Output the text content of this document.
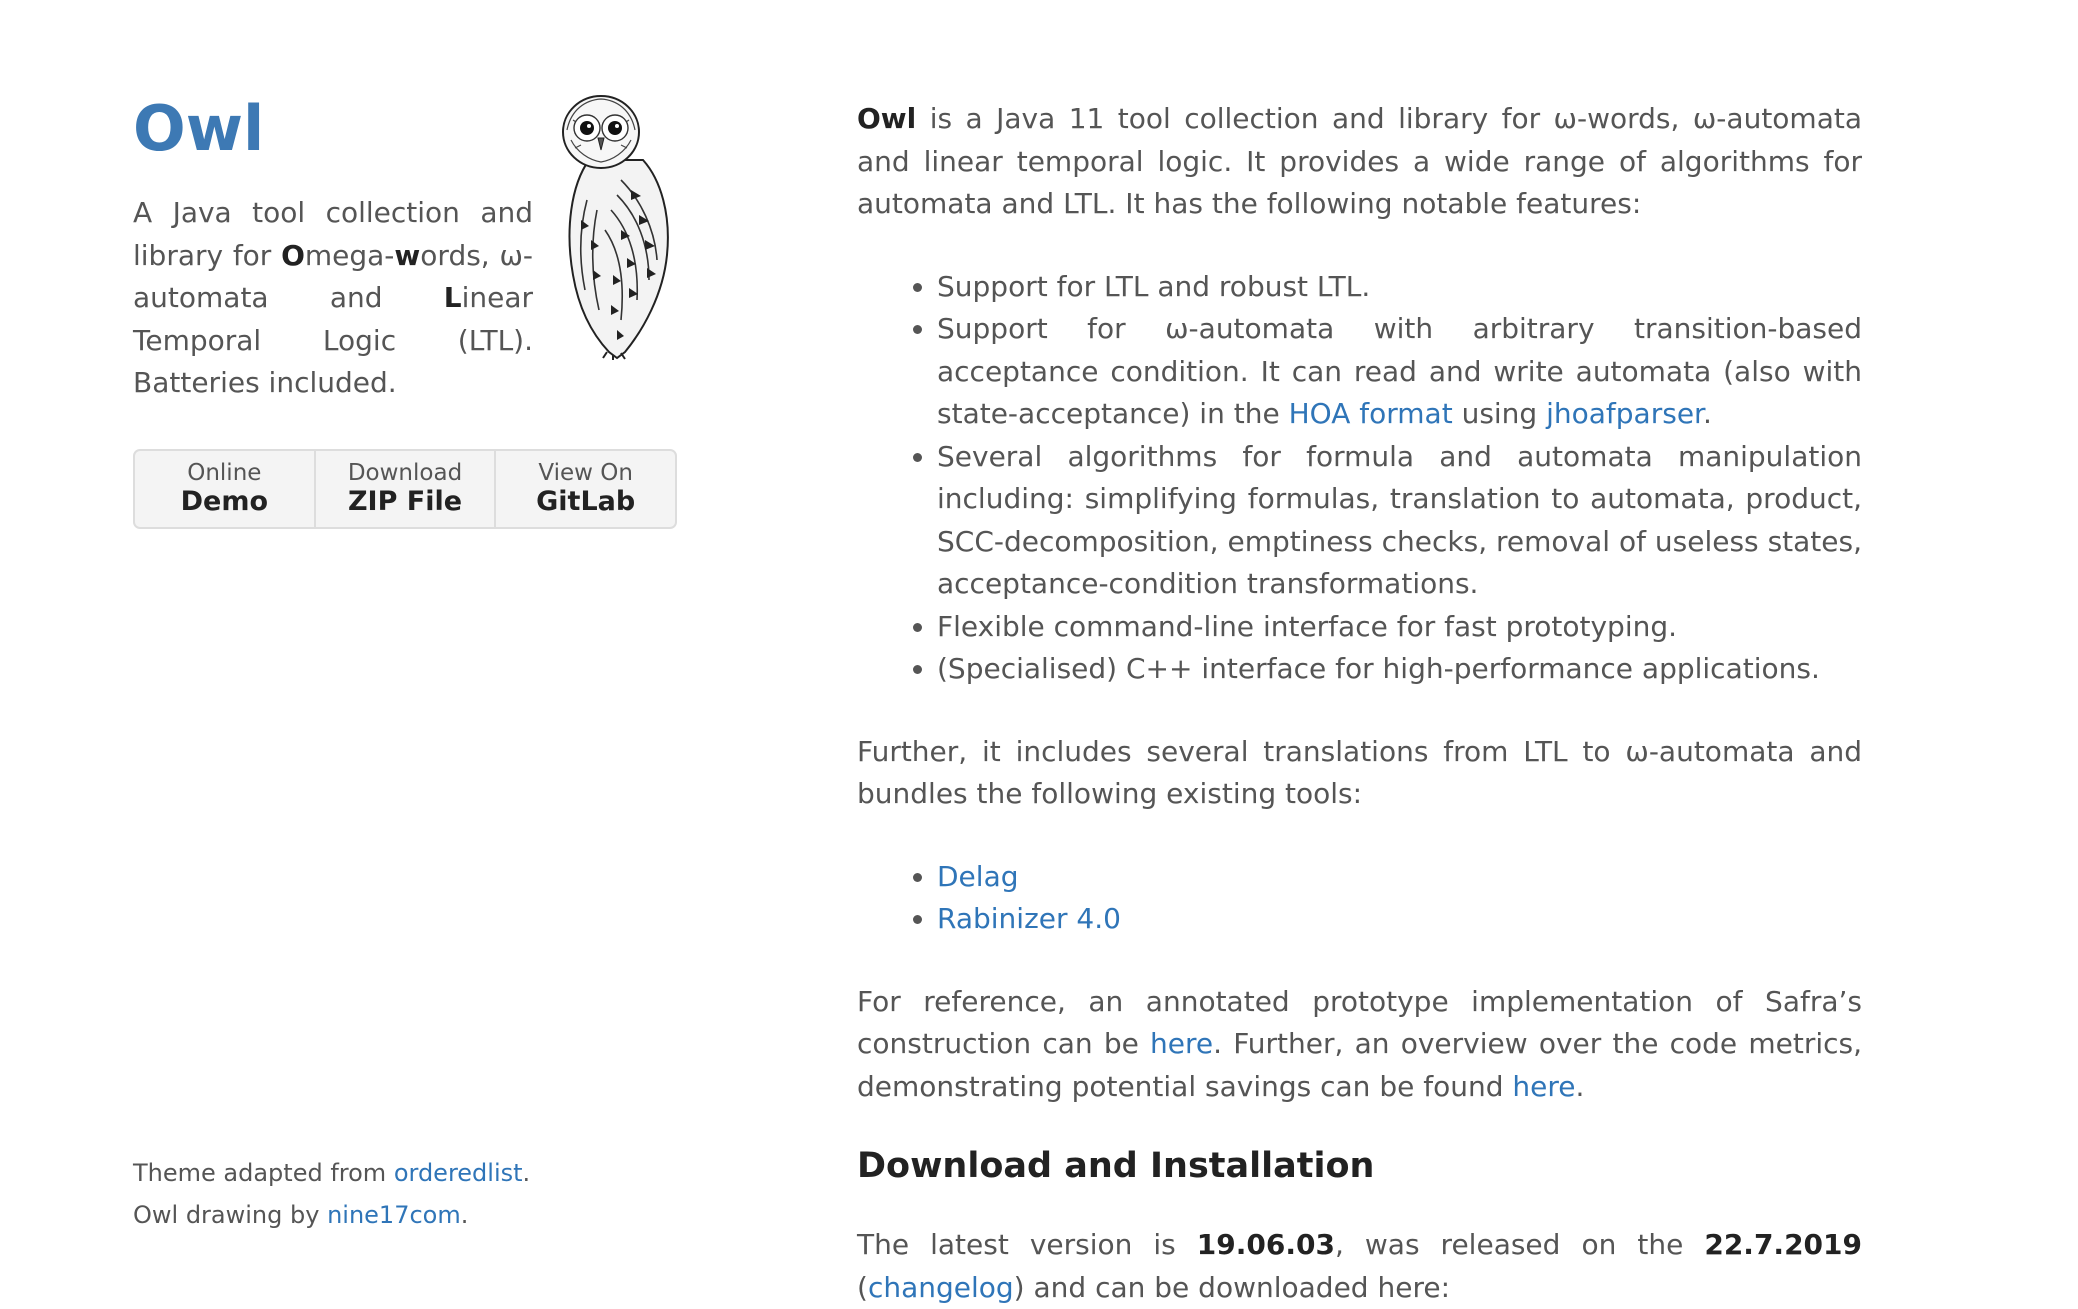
Owl

A Java tool collection and library for Omega-words, ω-automata and Linear Temporal Logic (LTL). Batteries included.

Online
Demo
Download
ZIP File
View On
GitLab
Theme adapted from orderedlist.
Owl drawing by nine17com.

Owl is a Java 11 tool collection and library for ω-words, ω-automata and linear temporal logic. It provides a wide range of algorithms for automata and LTL. It has the following notable features:

• Support for LTL and robust LTL.
• Support for ω-automata with arbitrary transition-based acceptance condition. It can read and write automata (also with state-acceptance) in the HOA format using jhoafparser.
• Several algorithms for formula and automata manipulation including: simplifying formulas, translation to automata, product, SCC-decomposition, emptiness checks, removal of useless states, acceptance-condition transformations.
• Flexible command-line interface for fast prototyping.
• (Specialised) C++ interface for high-performance applications.

Further, it includes several translations from LTL to ω-automata and bundles the following existing tools:

• Delag
• Rabinizer 4.0

For reference, an annotated prototype implementation of Safra’s construction can be here. Further, an overview over the code metrics, demonstrating potential savings can be found here.

Download and Installation

The latest version is 19.06.03, was released on the 22.7.2019 (changelog) and can be downloaded here:
